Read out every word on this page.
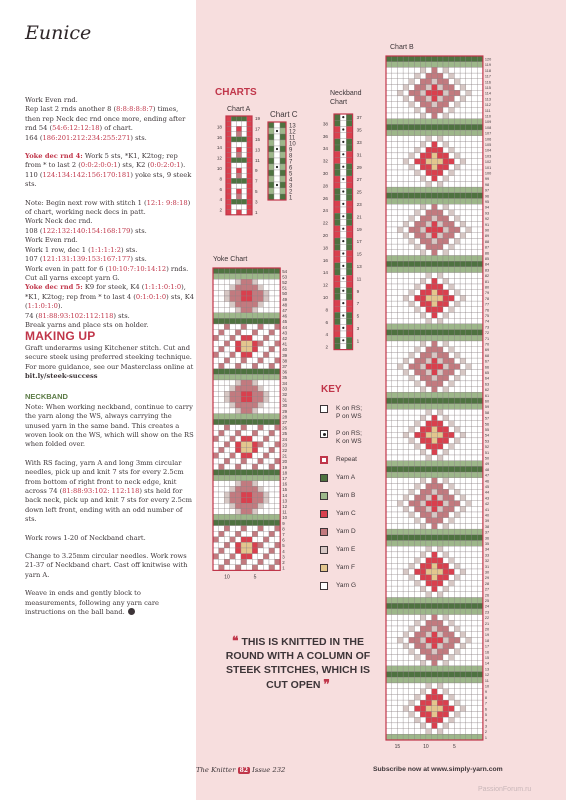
Eunice

Work Even rnd.

Rep last 2 rnds another 8 (8:8:8:8:8:7) times, then rep Neck dec rnd once more, ending after rnd 54 (54:6:12:12:18) of chart.

164 (186:201:212:234:255:271) sts.

Yoke dec rnd 4: Work 5 sts, *K1, K2tog; rep from * to last 2 (0:0:2:0:0:1) sts, K2 (0:0:2:0:1).

110 (124:134:142:156:170:181) yoke sts, 9 steek sts.

Note: Begin next row with stitch 1 (12:1: 9:8:18) of chart, working neck decs in patt.

Work Neck dec rnd.

108 (122:132:140:154:168:179) sts.

Work Even rnd.

Work 1 row, dec 1 (1:1:1:1:2) sts.

107 (121:131:139:153:167:177) sts.

Work even in patt for 6 (10:10:7:10:14:12) rnds.

Cut all yarns except yarn G.

Yoke dec rnd 5: K9 for steek, K4 (1:1:1:0:1:0), *K1, K2tog; rep from * to last 4 (0:1:0:1:0) sts, K4 (1:1:0:1:0).

74 (81:88:93:102:112:118) sts.

Break yarns and place sts on holder.

MAKING UP

Graft underarms using Kitchener stitch. Cut and secure steek using preferred steeking technique.

For more guidance, see our Masterclass online at bit.ly/steek-success

NECKBAND

Note: When working neckband, continue to carry the yarn along the WS, always carrying the unused yarn in the same band. This creates a woven look on the WS, which will show on the RS when folded over.

With RS facing, yarn A and long 3mm circular needles, pick up and knit 7 sts for every 2.5cm from bottom of right front to neck edge, knit across 74 (81:88:93:102: 112:118) sts held for back neck, pick up and knit 7 sts for every 2.5cm down left front, ending with an odd number of sts.

Work rows 1-20 of Neckband chart.

Change to 3.25mm circular needles. Work rows 21-37 of Neckband chart. Cast off knitwise with yarn A.

Weave in ends and gently block to measurements, following any yarn care instructions on the ball band.

CHARTS
Chart A
Chart C
Neckband
Chart
Yoke Chart
Chart B
18
16
14
12
10
8
6
4
2
19
17
15
13
11
9
7
5
3
1
13
12
11
10
9
8
7
6
5
4
3
2
1
38
36
34
32
30
28
26
24
22
20
18
16
14
12
10
8
6
4
2
37
35
33
31
29
27
25
23
21
19
17
15
13
11
9
7
5
3
1
54
53
52
51
50
49
48
47
46
45
44
43
42
41
40
39
38
37
36
35
34
33
32
31
30
29
28
27
26
25
24
23
22
21
20
19
18
17
16
15
14
13
12
11
10
9
8
7
6
5
4
3
2
1
10	5
120
119
118
117
116
115
114
113
112
111
110
109
108
107
106
105
104
103
102
101
100
99
98
97
96
95
94
93
92
91
90
89
88
87
86
85
84
83
82
81
80
79
78
77
76
75
74
73
72
71
70
69
68
67
66
65
64
63
62
61
60
59
58
57
56
55
54
53
52
51
50
49
48
47
46
45
44
43
42
41
40
39
38
37
36
35
34
33
32
31
30
29
28
27
26
25
24
23
22
21
20
19
18
17
16
15
14
13
12
11
10
9
8
7
6
5
4
3
2
1
15	10	5
KEY
K on RS;
P on WS
P on RS;
K on WS
Repeat
Yarn A
Yarn B
Yarn C
Yarn D
Yarn E
Yarn F
Yarn G
❝ THIS IS KNITTED IN THE ROUND WITH A COLUMN OF STEEK STITCHES, WHICH IS CUT OPEN ❞
The Knitter 82 Issue 232	Subscribe now at www.simply-yarn.com
PassionForum.ru
